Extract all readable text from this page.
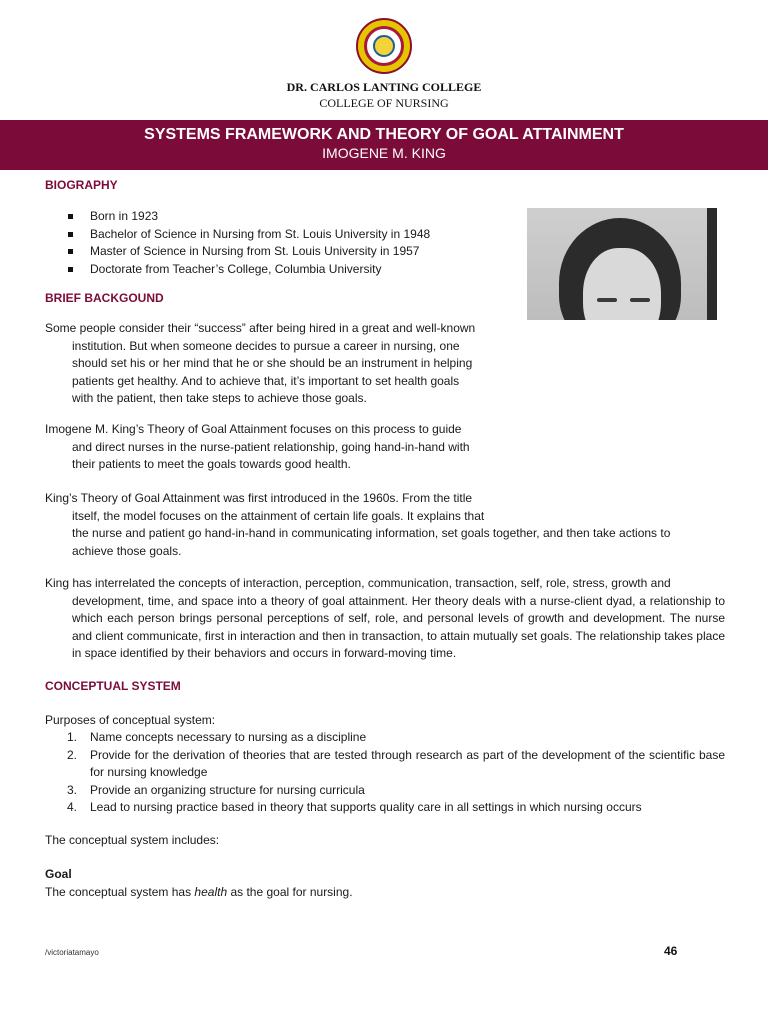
DR. CARLOS LANTING COLLEGE
COLLEGE OF NURSING
SYSTEMS FRAMEWORK AND THEORY OF GOAL ATTAINMENT
IMOGENE M. KING
BIOGRAPHY
Born in 1923
Bachelor of Science in Nursing from St. Louis University in 1948
Master of Science in Nursing from St. Louis University in 1957
Doctorate from Teacher’s College, Columbia University
BRIEF BACKGOUND
Some people consider their “success” after being hired in a great and well-known
institution. But when someone decides to pursue a career in nursing, one
should set his or her mind that he or she should be an instrument in helping
patients get healthy. And to achieve that, it’s important to set health goals
with the patient, then take steps to achieve those goals.
Imogene M. King’s Theory of Goal Attainment focuses on this process to guide
and direct nurses in the nurse-patient relationship, going hand-in-hand with
their patients to meet the goals towards good health.
King’s Theory of Goal Attainment was first introduced in the 1960s. From the title
itself, the model focuses on the attainment of certain life goals. It explains that
the nurse and patient go hand-in-hand in communicating information, set goals together, and then take actions to
achieve those goals.
King has interrelated the concepts of interaction, perception, communication, transaction, self, role, stress, growth and
development, time, and space into a theory of goal attainment. Her theory deals with a nurse-client dyad, a relationship to which each person brings personal perceptions of self, role, and personal levels of growth and development. The nurse and client communicate, first in interaction and then in transaction, to attain mutually set goals. The relationship takes place in space identified by their behaviors and occurs in forward-moving time.
CONCEPTUAL SYSTEM
Purposes of conceptual system:
1. Name concepts necessary to nursing as a discipline
2. Provide for the derivation of theories that are tested through research as part of the development of the scientific base for nursing knowledge
3. Provide an organizing structure for nursing curricula
4. Lead to nursing practice based in theory that supports quality care in all settings in which nursing occurs
The conceptual system includes:
Goal
The conceptual system has health as the goal for nursing.
/victoriatamayo	46
